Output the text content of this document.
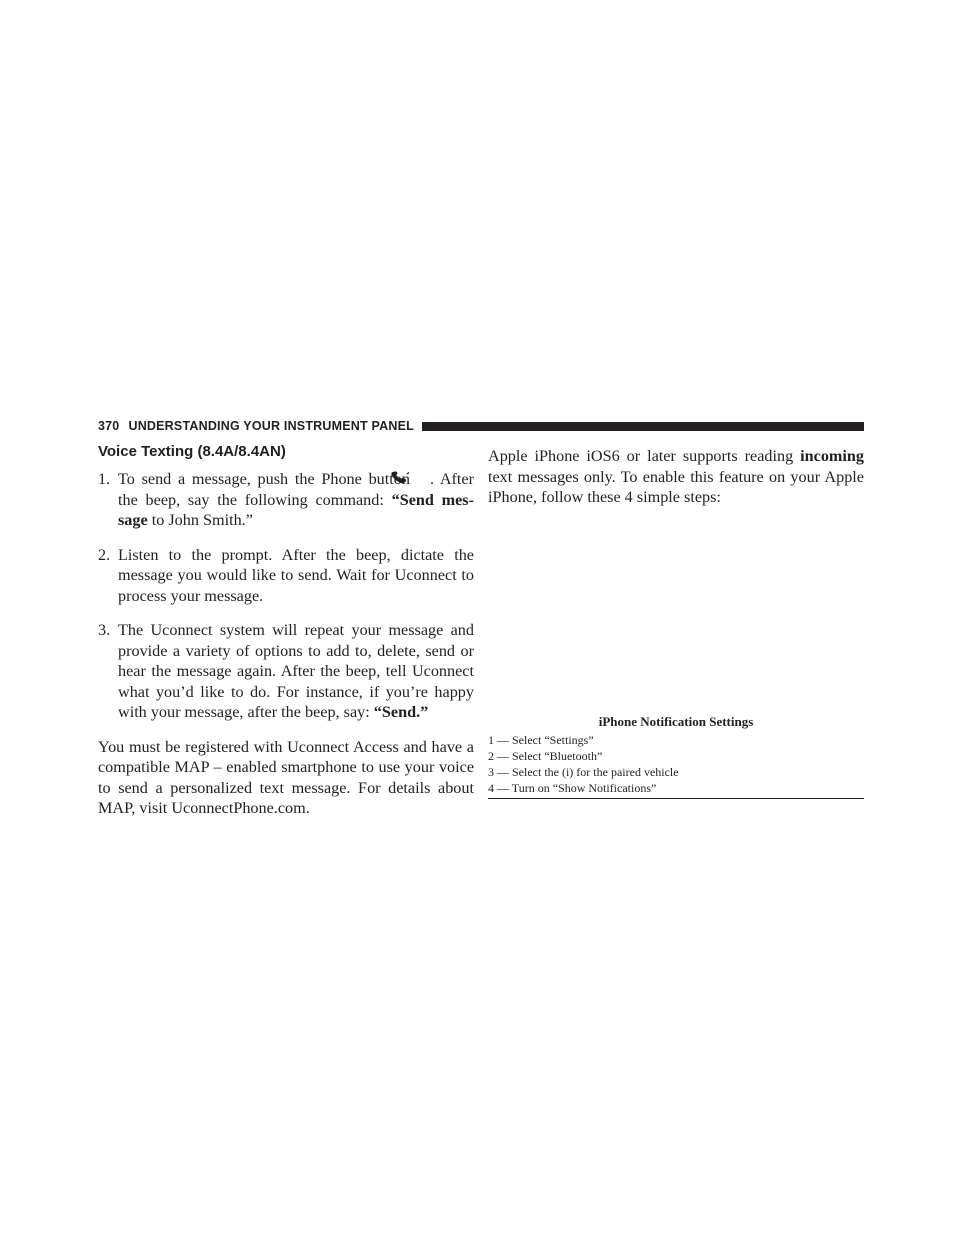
370 UNDERSTANDING YOUR INSTRUMENT PANEL
Voice Texting (8.4A/8.4AN)
1. To send a message, push the Phone button . After the beep, say the following command: “Send mes-sage to John Smith.”
2. Listen to the prompt. After the beep, dictate the message you would like to send. Wait for Uconnect to process your message.
3. The Uconnect system will repeat your message and provide a variety of options to add to, delete, send or hear the message again. After the beep, tell Uconnect what you’d like to do. For instance, if you’re happy with your message, after the beep, say: “Send.”

You must be registered with Uconnect Access and have a compatible MAP – enabled smartphone to use your voice to send a personalized text message. For details about MAP, visit UconnectPhone.com.

Apple iPhone iOS6 or later supports reading incoming text messages only. To enable this feature on your Apple iPhone, follow these 4 simple steps:

iPhone Notification Settings
1 — Select “Settings”
2 — Select “Bluetooth”
3 — Select the (i) for the paired vehicle
4 — Turn on “Show Notifications”
